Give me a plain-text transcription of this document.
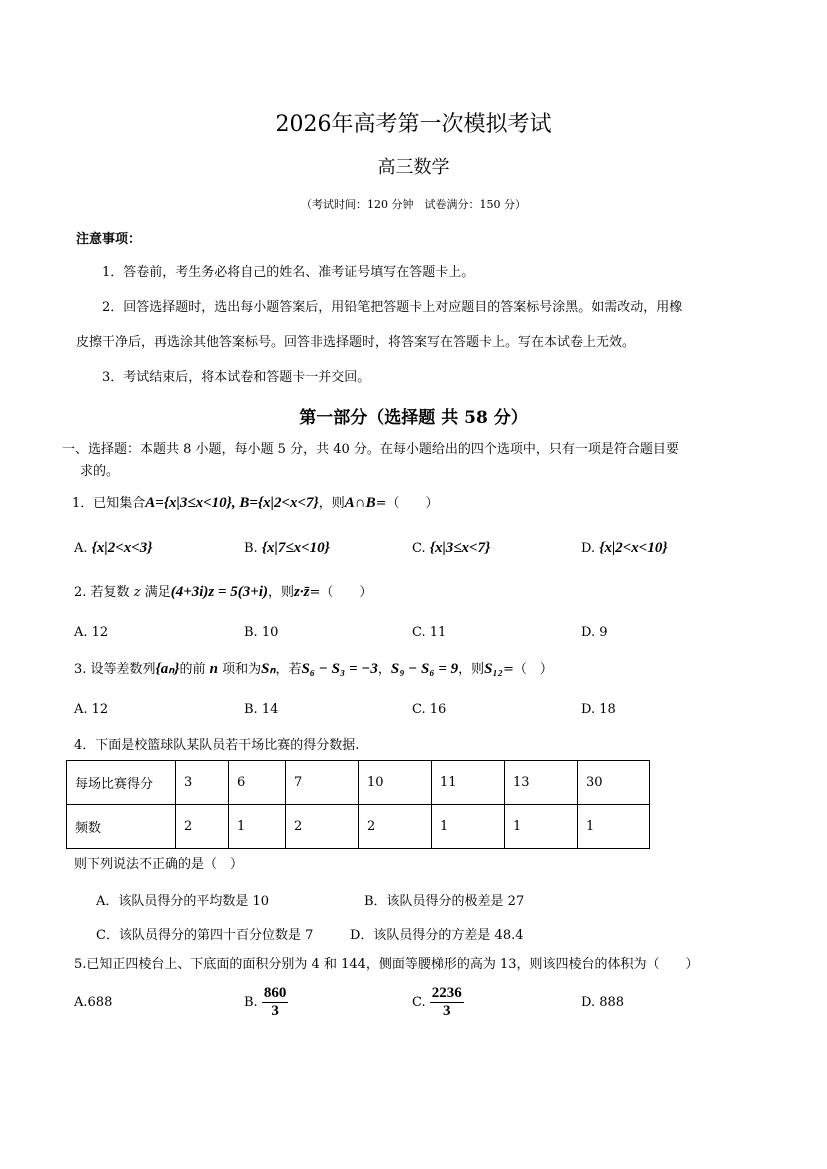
2026年高考第一次模拟考试
高三数学
（考试时间：120 分钟　试卷满分：150 分）
注意事项：
1．答卷前，考生务必将自己的姓名、准考证号填写在答题卡上。
2．回答选择题时，选出每小题答案后，用铅笔把答题卡上对应题目的答案标号涂黑。如需改动，用橡
皮擦干净后，再选涂其他答案标号。回答非选择题时，将答案写在答题卡上。写在本试卷上无效。
3．考试结束后，将本试卷和答题卡一并交回。
第一部分（选择题 共 58 分）
一、选择题：本题共 8 小题，每小题 5 分，共 40 分。在每小题给出的四个选项中，只有一项是符合题目要
求的。
1．已知集合A={x|3≤x<10}, B={x|2<x<7}，则A∩B=（　　）
A. {x|2<x<3}	B. {x|7≤x<10}	C. {x|3≤x<7}	D. {x|2<x<10}
2. 若复数 z 满足(4+3i)z = 5(3+i)，则z·z̄=（　　）
A. 12	B. 10	C. 11	D. 9
3. 设等差数列{aₙ}的前 n 项和为Sₙ，若S₆ − S₃ = −3，S₉ − S₆ = 9，则S₁₂=（　）
A. 12	B. 14	C. 16	D. 18
4．下面是校篮球队某队员若干场比赛的得分数据.
每场比赛得分	3	6	7	10	11	13	30
频数	2	1	2	2	1	1	1
则下列说法不正确的是（　）
A．该队员得分的平均数是 10	B．该队员得分的极差是 27
C．该队员得分的第四十百分位数是 7	D．该队员得分的方差是 48.4
5.已知正四棱台上、下底面的面积分别为 4 和 144，侧面等腰梯形的高为 13，则该四棱台的体积为（　　）
A.688	B. $\frac{860}{3}$	C. $\frac{2236}{3}$	D. 888
